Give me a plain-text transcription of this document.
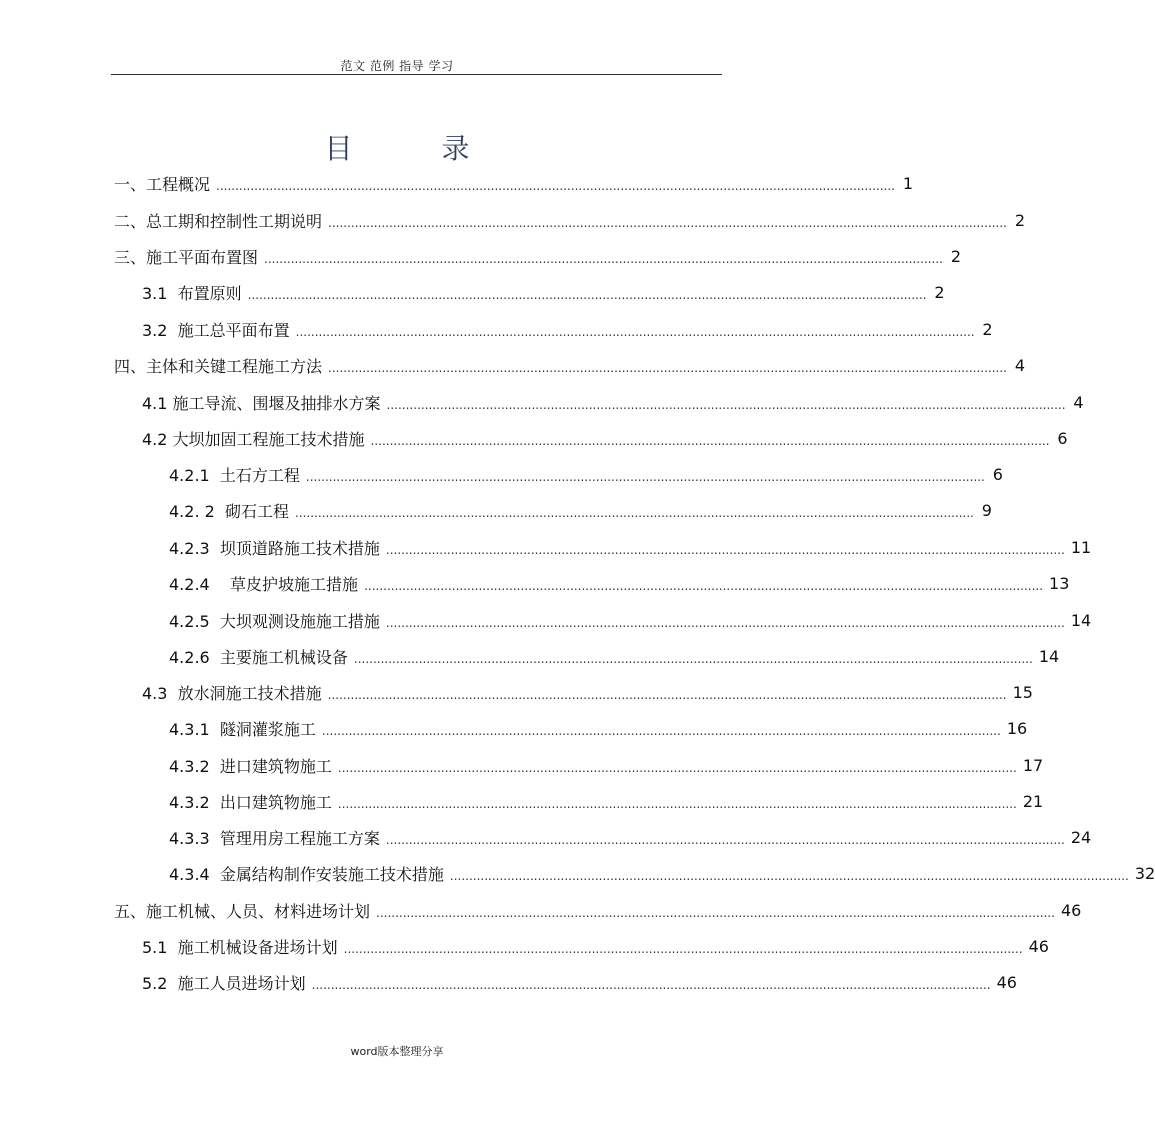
范文 范例 指导 学习
目 录
一、工程概况 .................................................................................................................................................................................. 1
二、总工期和控制性工期说明 .................................................................................................................................................................................. 2
三、施工平面布置图 .................................................................................................................................................................................. 2
3.1  布置原则 .................................................................................................................................................................................. 2
3.2  施工总平面布置 .................................................................................................................................................................................. 2
四、主体和关键工程施工方法 .................................................................................................................................................................................. 4
4.1 施工导流、围堰及抽排水方案 .................................................................................................................................................................................. 4
4.2 大坝加固工程施工技术措施 .................................................................................................................................................................................. 6
4.2.1  土石方工程 .................................................................................................................................................................................. 6
4.2. 2  砌石工程 .................................................................................................................................................................................. 9
4.2.3  坝顶道路施工技术措施 .................................................................................................................................................................................. 11
4.2.4    草皮护坡施工措施 .................................................................................................................................................................................. 13
4.2.5  大坝观测设施施工措施 .................................................................................................................................................................................. 14
4.2.6  主要施工机械设备 .................................................................................................................................................................................. 14
4.3  放水洞施工技术措施 .................................................................................................................................................................................. 15
4.3.1  隧洞灌浆施工 .................................................................................................................................................................................. 16
4.3.2  进口建筑物施工 .................................................................................................................................................................................. 17
4.3.2  出口建筑物施工 .................................................................................................................................................................................. 21
4.3.3  管理用房工程施工方案 .................................................................................................................................................................................. 24
4.3.4  金属结构制作安装施工技术措施 .................................................................................................................................................................................. 32
五、施工机械、人员、材料进场计划 .................................................................................................................................................................................. 46
5.1  施工机械设备进场计划 .................................................................................................................................................................................. 46
5.2  施工人员进场计划 .................................................................................................................................................................................. 46
word版本整理分享
